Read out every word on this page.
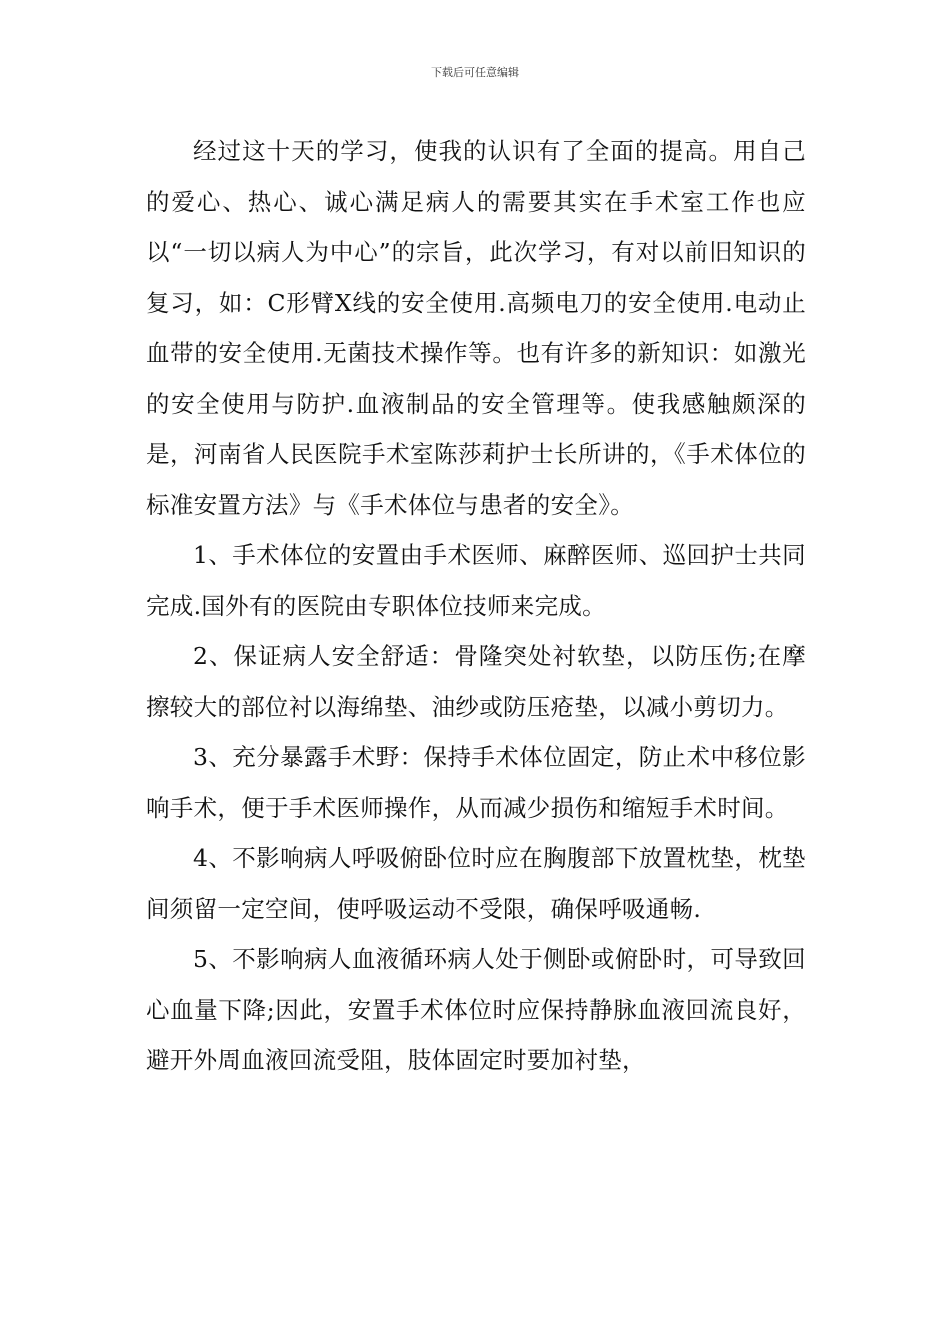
下载后可任意编辑

经过这十天的学习，使我的认识有了全面的提高。用自己的爱心、热心、诚心满足病人的需要其实在手术室工作也应以“一切以病人为中心”的宗旨，此次学习，有对以前旧知识的复习，如：C形臂X线的安全使用.高频电刀的安全使用.电动止血带的安全使用.无菌技术操作等。也有许多的新知识：如激光的安全使用与防护.血液制品的安全管理等。使我感触颇深的是，河南省人民医院手术室陈莎莉护士长所讲的，《手术体位的标准安置方法》与《手术体位与患者的安全》。

1、手术体位的安置由手术医师、麻醉医师、巡回护士共同完成.国外有的医院由专职体位技师来完成。

2、保证病人安全舒适：骨隆突处衬软垫，以防压伤;在摩擦较大的部位衬以海绵垫、油纱或防压疮垫，以减小剪切力。

3、充分暴露手术野：保持手术体位固定，防止术中移位影响手术，便于手术医师操作，从而减少损伤和缩短手术时间。

4、不影响病人呼吸俯卧位时应在胸腹部下放置枕垫，枕垫间须留一定空间，使呼吸运动不受限，确保呼吸通畅.

5、不影响病人血液循环病人处于侧卧或俯卧时，可导致回心血量下降;因此，安置手术体位时应保持静脉血液回流良好，避开外周血液回流受阻，肢体固定时要加衬垫，
